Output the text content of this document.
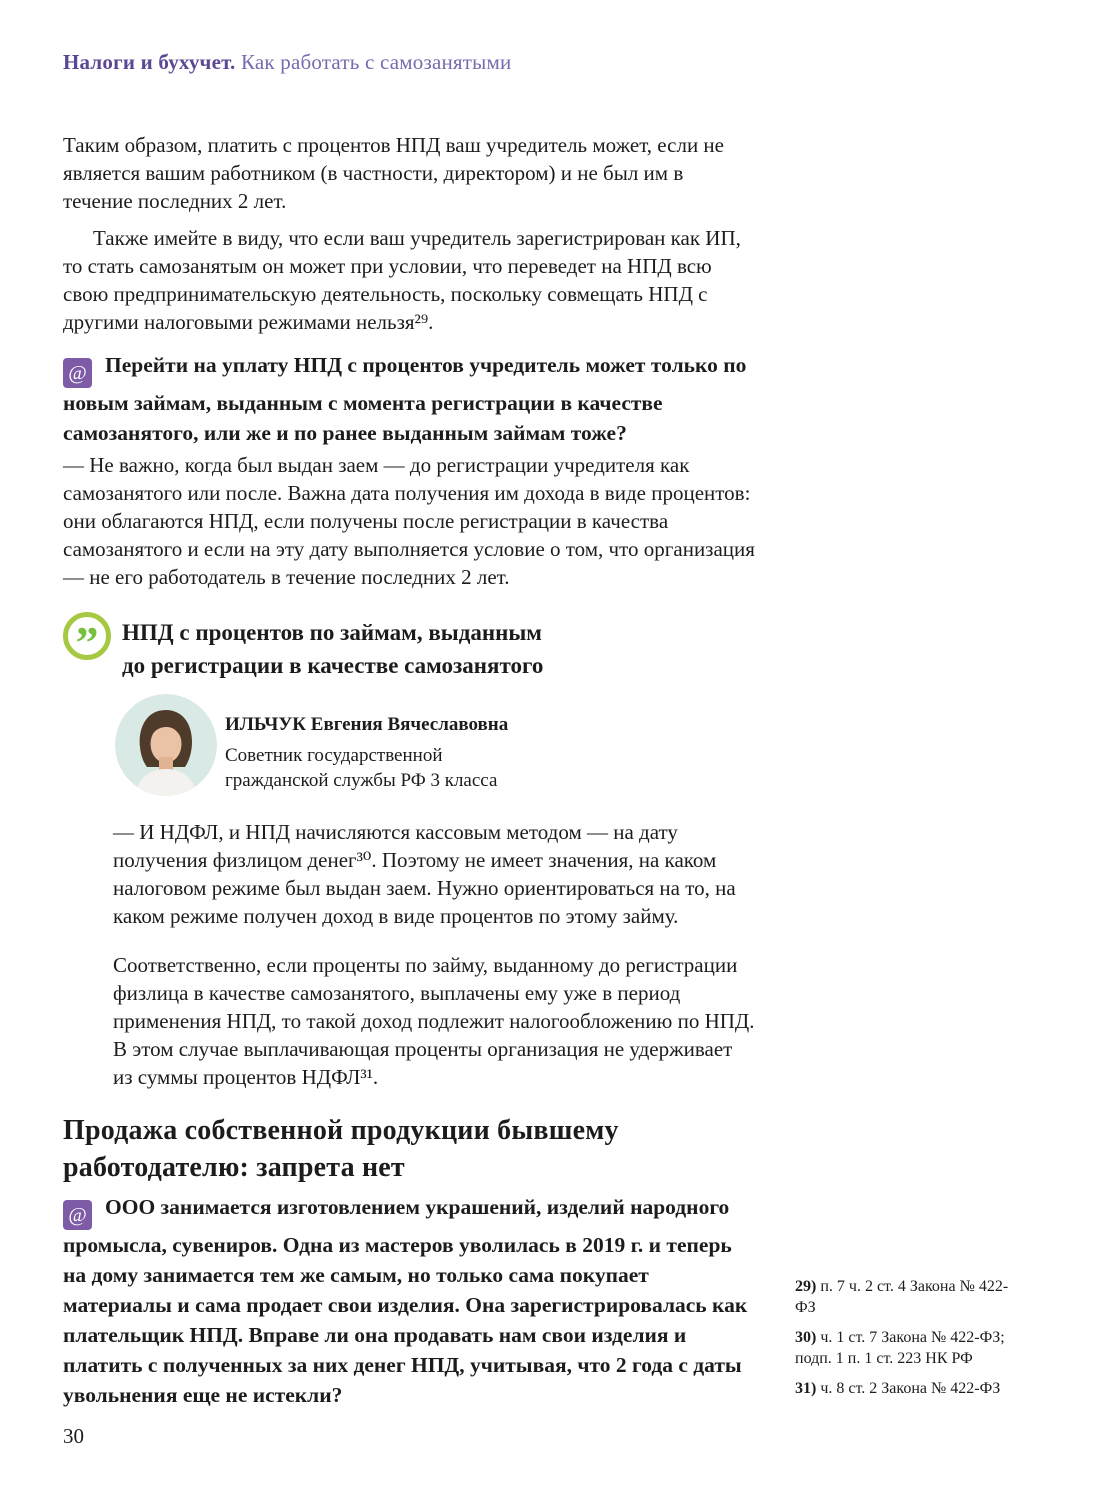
Налоги и бухучет. Как работать с самозанятыми

Таким образом, платить с процентов НПД ваш учредитель может, если не является вашим работником (в частности, директором) и не был им в течение последних 2 лет.

Также имейте в виду, что если ваш учредитель зарегистрирован как ИП, то стать самозанятым он может при условии, что переведет на НПД всю свою предпринимательскую деятельность, поскольку совмещать НПД с другими налоговыми режимами нельзя²⁹.

@ Перейти на уплату НПД с процентов учредитель может только по новым займам, выданным с момента регистрации в качестве самозанятого, или же и по ранее выданным займам тоже?

— Не важно, когда был выдан заем — до регистрации учредителя как самозанятого или после. Важна дата получения им дохода в виде процентов: они облагаются НПД, если получены после регистрации в качества самозанятого и если на эту дату выполняется условие о том, что организация — не его работодатель в течение последних 2 лет.

”	НПД с процентов по займам, выданным
до регистрации в качестве самозанятого
ИЛЬЧУК Евгения Вячеславовна
Советник государственной
гражданской службы РФ 3 класса

— И НДФЛ, и НПД начисляются кассовым методом — на дату получения физлицом денег³⁰. Поэтому не имеет значения, на каком налоговом режиме был выдан заем. Нужно ориентироваться на то, на каком режиме получен доход в виде процентов по этому займу.

Соответственно, если проценты по займу, выданному до регистрации физлица в качестве самозанятого, выплачены ему уже в период применения НПД, то такой доход подлежит налогообложению по НПД. В этом случае выплачивающая проценты организация не удерживает из суммы процентов НДФЛ³¹.

Продажа собственной продукции бывшему
работодателю: запрета нет
@ ООО занимается изготовлением украшений, изделий народного промысла, сувениров. Одна из мастеров уволилась в 2019 г. и теперь на дому занимается тем же самым, но только сама покупает материалы и сама продает свои изделия. Она зарегистрировалась как плательщик НПД. Вправе ли она продавать нам свои изделия и платить с полученных за них денег НПД, учитывая, что 2 года с даты увольнения еще не истекли?

29) п. 7 ч. 2 ст. 4 Закона № 422-ФЗ

30) ч. 1 ст. 7 Закона № 422-ФЗ; подп. 1 п. 1 ст. 223 НК РФ

31) ч. 8 ст. 2 Закона № 422-ФЗ

30
